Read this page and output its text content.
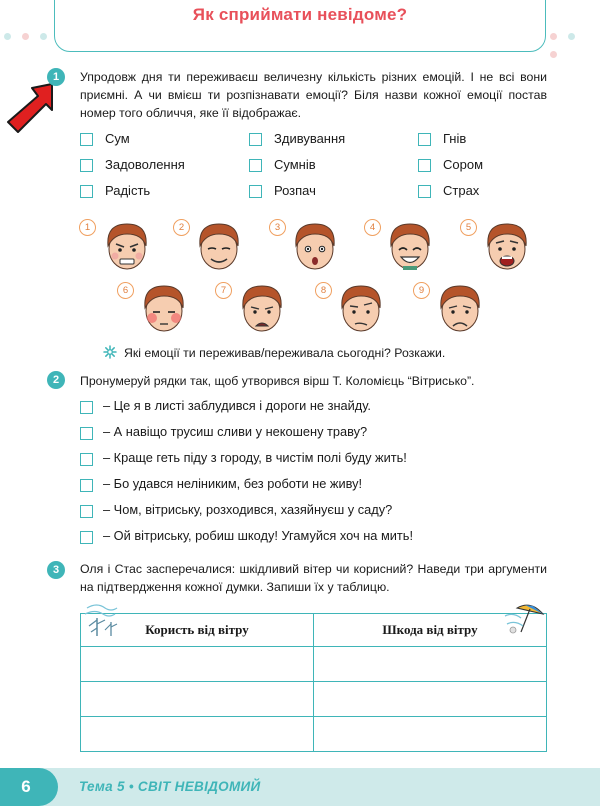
Як сприймати невідоме?
1	Упродовж дня ти переживаєш величезну кількість різних емоцій. І не всі вони приємні. А чи вмієш ти розпізнавати емоції? Біля назви кожної емоції постав номер того обличчя, яке її відображає.
Сум	Здивування	Гнів
Задоволення	Сумнів	Сором
Радість	Розпач	Страх
1	2	3	4	5
6	7	8	9
Які емоції ти переживав/переживала сьогодні? Розкажи.
2	Пронумеруй рядки так, щоб утворився вірш Т. Коломієць “Вітрисько”.
– Це я в листі заблудився і дороги не знайду.
– А навіщо трусиш сливи у некошену траву?
– Краще геть піду з городу, в чистім полі буду жить!
– Бо удався неліниким, без роботи не живу!
– Чом, вітриську, розходився, хазяйнуєш у саду?
– Ой вітриську, робиш шкоду! Угамуйся хоч на мить!
3	Оля і Стас засперечалися: шкідливий вітер чи корисний? Наведи три аргументи на підтвердження кожної думки. Запиши їх у таблицю.
Користь від вітру	Шкода від вітру

6	Тема 5 • СВІТ НЕВІДОМИЙ
